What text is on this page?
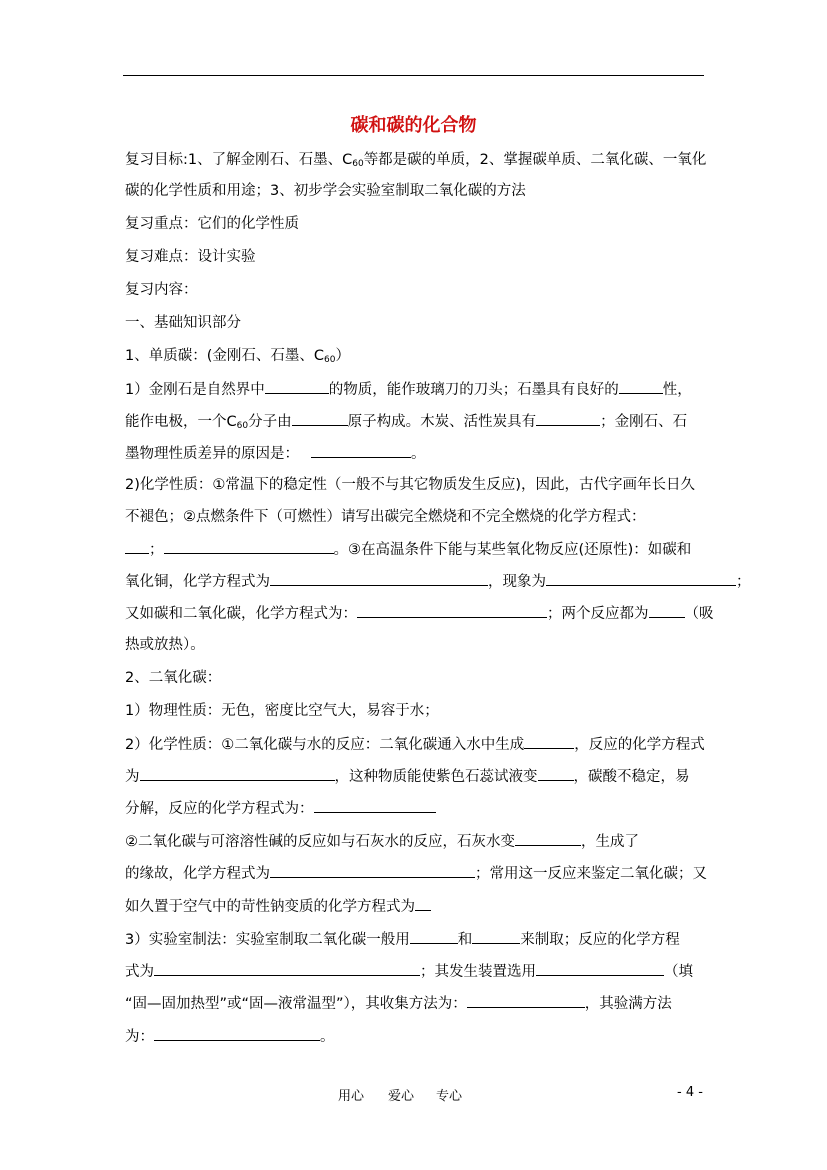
碳和碳的化合物
复习目标:1、了解金刚石、石墨、$C_{60}$等都是碳的单质，2、掌握碳单质、二氧化碳、一氧化
碳的化学性质和用途；3、初步学会实验室制取二氧化碳的方法
复习重点：它们的化学性质
复习难点：设计实验
复习内容：
一、基础知识部分
1、单质碳：(金刚石、石墨、$C_{60}$）
1）金刚石是自然界中	的物质，能作玻璃刀的刀头；石墨具有良好的	性，
能作电极，一个$C_{60}$分子由	原子构成。木炭、活性炭具有	；金刚石、石
墨物理性质差异的原因是：	。
2)化学性质：①常温下的稳定性（一般不与其它物质发生反应)，因此，古代字画年长日久
不褪色；②点燃条件下（可燃性）请写出碳完全燃烧和不完全燃烧的化学方程式：
；	。③在高温条件下能与某些氧化物反应(还原性)：如碳和
氧化铜，化学方程式为	，现象为	；
又如碳和二氧化碳，化学方程式为：	；两个反应都为 （吸
热或放热）。
2、二氧化碳：
1）物理性质：无色，密度比空气大，易容于水；
2）化学性质：①二氧化碳与水的反应：二氧化碳通入水中生成	，反应的化学方程式
为	，这种物质能使紫色石蕊试液变 ，碳酸不稳定，易
分解，反应的化学方程式为：
②二氧化碳与可溶溶性碱的反应如与石灰水的反应，石灰水变	，生成了
的缘故，化学方程式为	；常用这一反应来鉴定二氧化碳；又
如久置于空气中的苛性钠变质的化学方程式为
3）实验室制法：实验室制取二氧化碳一般用	和	来制取；反应的化学方程
式为	；其发生装置选用	（填
“固—固加热型”或“固—液常温型”），其收集方法为：	，其验满方法
为：	。
用心 爱心 专心	- 4 -
